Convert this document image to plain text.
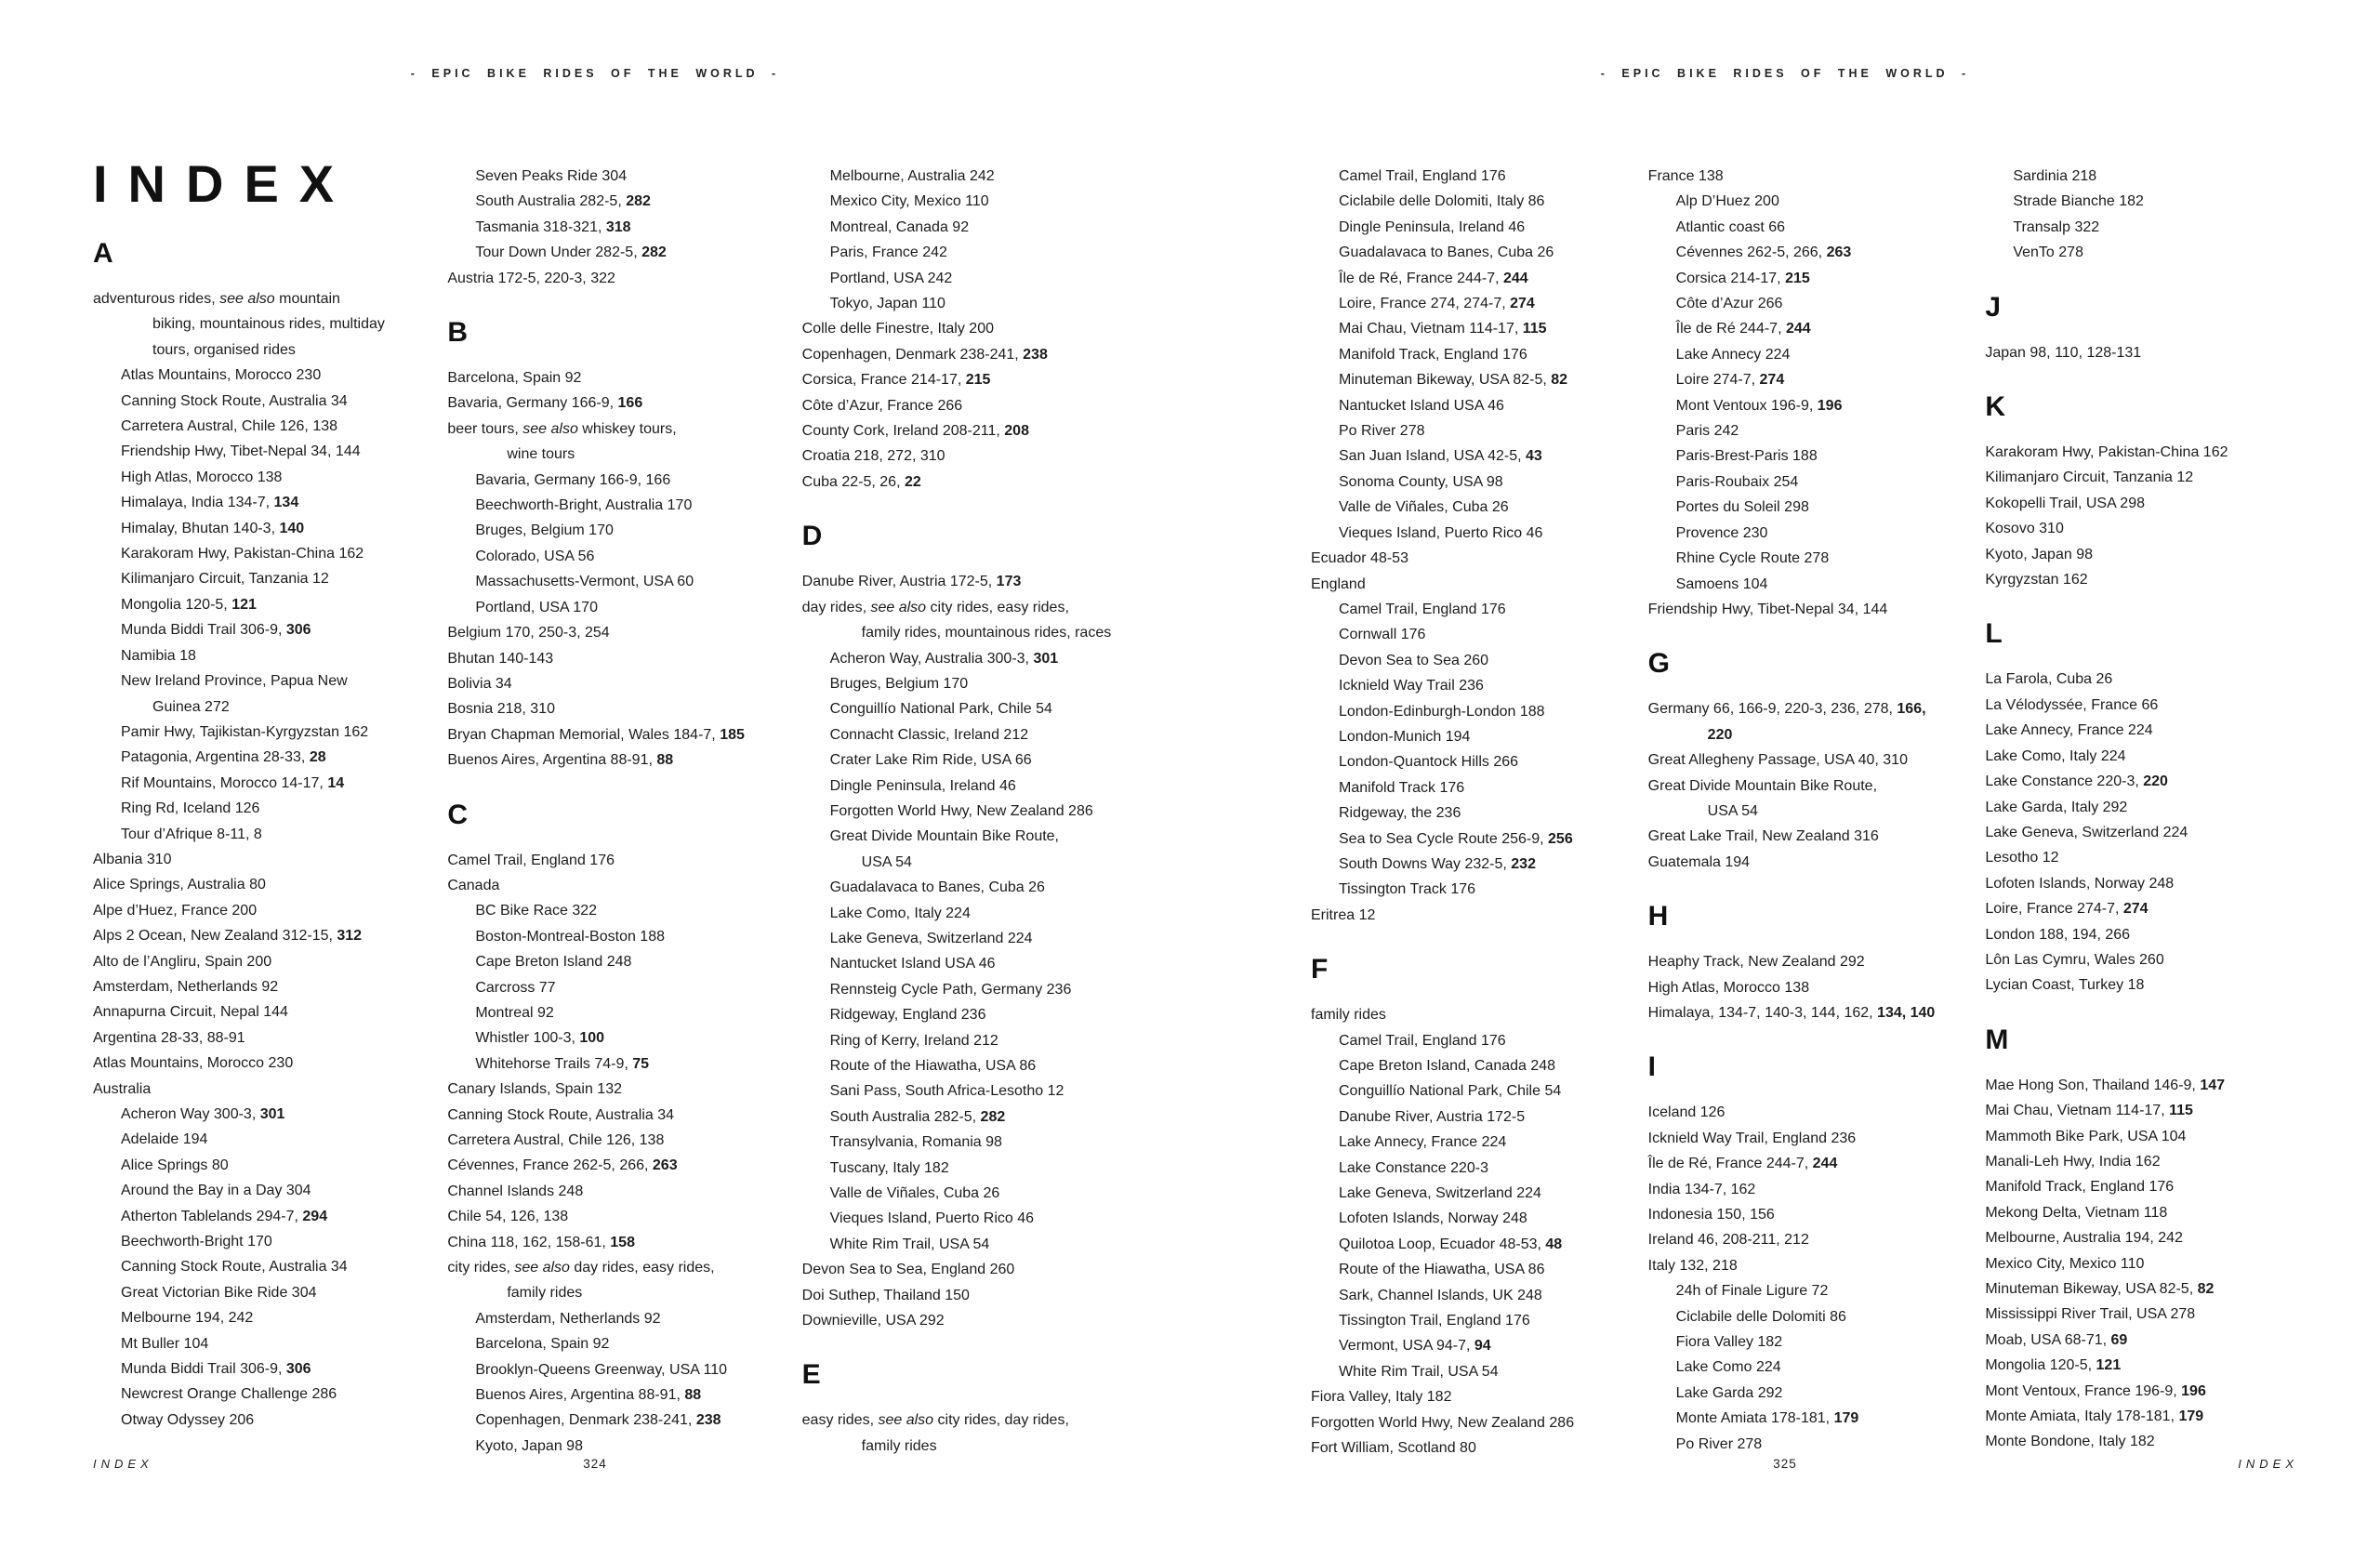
- EPIC BIKE RIDES OF THE WORLD -
INDEX
A
adventurous rides, see also mountain
biking, mountainous rides, multiday
tours, organised rides
Atlas Mountains, Morocco 230
Canning Stock Route, Australia 34
Carretera Austral, Chile 126, 138
Friendship Hwy, Tibet-Nepal 34, 144
High Atlas, Morocco 138
Himalaya, India 134-7, 134
Himalay, Bhutan 140-3, 140
Karakoram Hwy, Pakistan-China 162
Kilimanjaro Circuit, Tanzania 12
Mongolia 120-5, 121
Munda Biddi Trail 306-9, 306
Namibia 18
New Ireland Province, Papua New
Guinea 272
Pamir Hwy, Tajikistan-Kyrgyzstan 162
Patagonia, Argentina 28-33, 28
Rif Mountains, Morocco 14-17, 14
Ring Rd, Iceland 126
Tour d’Afrique 8-11, 8
Albania 310
Alice Springs, Australia 80
Alpe d’Huez, France 200
Alps 2 Ocean, New Zealand 312-15, 312
Alto de l’Angliru, Spain 200
Amsterdam, Netherlands 92
Annapurna Circuit, Nepal 144
Argentina 28-33, 88-91
Atlas Mountains, Morocco 230
Australia
Acheron Way 300-3, 301
Adelaide 194
Alice Springs 80
Around the Bay in a Day 304
Atherton Tablelands 294-7, 294
Beechworth-Bright 170
Canning Stock Route, Australia 34
Great Victorian Bike Ride 304
Melbourne 194, 242
Mt Buller 104
Munda Biddi Trail 306-9, 306
Newcrest Orange Challenge 286
Otway Odyssey 206
Seven Peaks Ride 304
South Australia 282-5, 282
Tasmania 318-321, 318
Tour Down Under 282-5, 282
Austria 172-5, 220-3, 322
B
Barcelona, Spain 92
Bavaria, Germany 166-9, 166
beer tours, see also whiskey tours,
wine tours
Bavaria, Germany 166-9, 166
Beechworth-Bright, Australia 170
Bruges, Belgium 170
Colorado, USA 56
Massachusetts-Vermont, USA 60
Portland, USA 170
Belgium 170, 250-3, 254
Bhutan 140-143
Bolivia 34
Bosnia 218, 310
Bryan Chapman Memorial, Wales 184-7, 185
Buenos Aires, Argentina 88-91, 88
C
Camel Trail, England 176
Canada
BC Bike Race 322
Boston-Montreal-Boston 188
Cape Breton Island 248
Carcross 77
Montreal 92
Whistler 100-3, 100
Whitehorse Trails 74-9, 75
Canary Islands, Spain 132
Canning Stock Route, Australia 34
Carretera Austral, Chile 126, 138
Cévennes, France 262-5, 266, 263
Channel Islands 248
Chile 54, 126, 138
China 118, 162, 158-61, 158
city rides, see also day rides, easy rides,
family rides
Amsterdam, Netherlands 92
Barcelona, Spain 92
Brooklyn-Queens Greenway, USA 110
Buenos Aires, Argentina 88-91, 88
Copenhagen, Denmark 238-241, 238
Kyoto, Japan 98
Melbourne, Australia 242
Mexico City, Mexico 110
Montreal, Canada 92
Paris, France 242
Portland, USA 242
Tokyo, Japan 110
Colle delle Finestre, Italy 200
Copenhagen, Denmark 238-241, 238
Corsica, France 214-17, 215
Côte d’Azur, France 266
County Cork, Ireland 208-211, 208
Croatia 218, 272, 310
Cuba 22-5, 26, 22
D
Danube River, Austria 172-5, 173
day rides, see also city rides, easy rides,
family rides, mountainous rides, races
Acheron Way, Australia 300-3, 301
Bruges, Belgium 170
Conguillío National Park, Chile 54
Connacht Classic, Ireland 212
Crater Lake Rim Ride, USA 66
Dingle Peninsula, Ireland 46
Forgotten World Hwy, New Zealand 286
Great Divide Mountain Bike Route,
USA 54
Guadalavaca to Banes, Cuba 26
Lake Como, Italy 224
Lake Geneva, Switzerland 224
Nantucket Island USA 46
Rennsteig Cycle Path, Germany 236
Ridgeway, England 236
Ring of Kerry, Ireland 212
Route of the Hiawatha, USA 86
Sani Pass, South Africa-Lesotho 12
South Australia 282-5, 282
Transylvania, Romania 98
Tuscany, Italy 182
Valle de Viñales, Cuba 26
Vieques Island, Puerto Rico 46
White Rim Trail, USA 54
Devon Sea to Sea, England 260
Doi Suthep, Thailand 150
Downieville, USA 292
E
easy rides, see also city rides, day rides,
family rides
INDEX	324
- EPIC BIKE RIDES OF THE WORLD -
Camel Trail, England 176
Ciclabile delle Dolomiti, Italy 86
Dingle Peninsula, Ireland 46
Guadalavaca to Banes, Cuba 26
Île de Ré, France 244-7, 244
Loire, France 274, 274-7, 274
Mai Chau, Vietnam 114-17, 115
Manifold Track, England 176
Minuteman Bikeway, USA 82-5, 82
Nantucket Island USA 46
Po River 278
San Juan Island, USA 42-5, 43
Sonoma County, USA 98
Valle de Viñales, Cuba 26
Vieques Island, Puerto Rico 46
Ecuador 48-53
England
Camel Trail, England 176
Cornwall 176
Devon Sea to Sea 260
Icknield Way Trail 236
London-Edinburgh-London 188
London-Munich 194
London-Quantock Hills 266
Manifold Track 176
Ridgeway, the 236
Sea to Sea Cycle Route 256-9, 256
South Downs Way 232-5, 232
Tissington Track 176
Eritrea 12
F
family rides
Camel Trail, England 176
Cape Breton Island, Canada 248
Conguillío National Park, Chile 54
Danube River, Austria 172-5
Lake Annecy, France 224
Lake Constance 220-3
Lake Geneva, Switzerland 224
Lofoten Islands, Norway 248
Quilotoa Loop, Ecuador 48-53, 48
Route of the Hiawatha, USA 86
Sark, Channel Islands, UK 248
Tissington Trail, England 176
Vermont, USA 94-7, 94
White Rim Trail, USA 54
Fiora Valley, Italy 182
Forgotten World Hwy, New Zealand 286
Fort William, Scotland 80
France 138
Alp D’Huez 200
Atlantic coast 66
Cévennes 262-5, 266, 263
Corsica 214-17, 215
Côte d’Azur 266
Île de Ré 244-7, 244
Lake Annecy 224
Loire 274-7, 274
Mont Ventoux 196-9, 196
Paris 242
Paris-Brest-Paris 188
Paris-Roubaix 254
Portes du Soleil 298
Provence 230
Rhine Cycle Route 278
Samoens 104
Friendship Hwy, Tibet-Nepal 34, 144
G
Germany 66, 166-9, 220-3, 236, 278, 166,
220
Great Allegheny Passage, USA 40, 310
Great Divide Mountain Bike Route,
USA 54
Great Lake Trail, New Zealand 316
Guatemala 194
H
Heaphy Track, New Zealand 292
High Atlas, Morocco 138
Himalaya, 134-7, 140-3, 144, 162, 134, 140
I
Iceland 126
Icknield Way Trail, England 236
Île de Ré, France 244-7, 244
India 134-7, 162
Indonesia 150, 156
Ireland 46, 208-211, 212
Italy 132, 218
24h of Finale Ligure 72
Ciclabile delle Dolomiti 86
Fiora Valley 182
Lake Como 224
Lake Garda 292
Monte Amiata 178-181, 179
Po River 278
Sardinia 218
Strade Bianche 182
Transalp 322
VenTo 278
J
Japan 98, 110, 128-131
K
Karakoram Hwy, Pakistan-China 162
Kilimanjaro Circuit, Tanzania 12
Kokopelli Trail, USA 298
Kosovo 310
Kyoto, Japan 98
Kyrgyzstan 162
L
La Farola, Cuba 26
La Vélodyssée, France 66
Lake Annecy, France 224
Lake Como, Italy 224
Lake Constance 220-3, 220
Lake Garda, Italy 292
Lake Geneva, Switzerland 224
Lesotho 12
Lofoten Islands, Norway 248
Loire, France 274-7, 274
London 188, 194, 266
Lôn Las Cymru, Wales 260
Lycian Coast, Turkey 18
M
Mae Hong Son, Thailand 146-9, 147
Mai Chau, Vietnam 114-17, 115
Mammoth Bike Park, USA 104
Manali-Leh Hwy, India 162
Manifold Track, England 176
Mekong Delta, Vietnam 118
Melbourne, Australia 194, 242
Mexico City, Mexico 110
Minuteman Bikeway, USA 82-5, 82
Mississippi River Trail, USA 278
Moab, USA 68-71, 69
Mongolia 120-5, 121
Mont Ventoux, France 196-9, 196
Monte Amiata, Italy 178-181, 179
Monte Bondone, Italy 182
INDEX
325
